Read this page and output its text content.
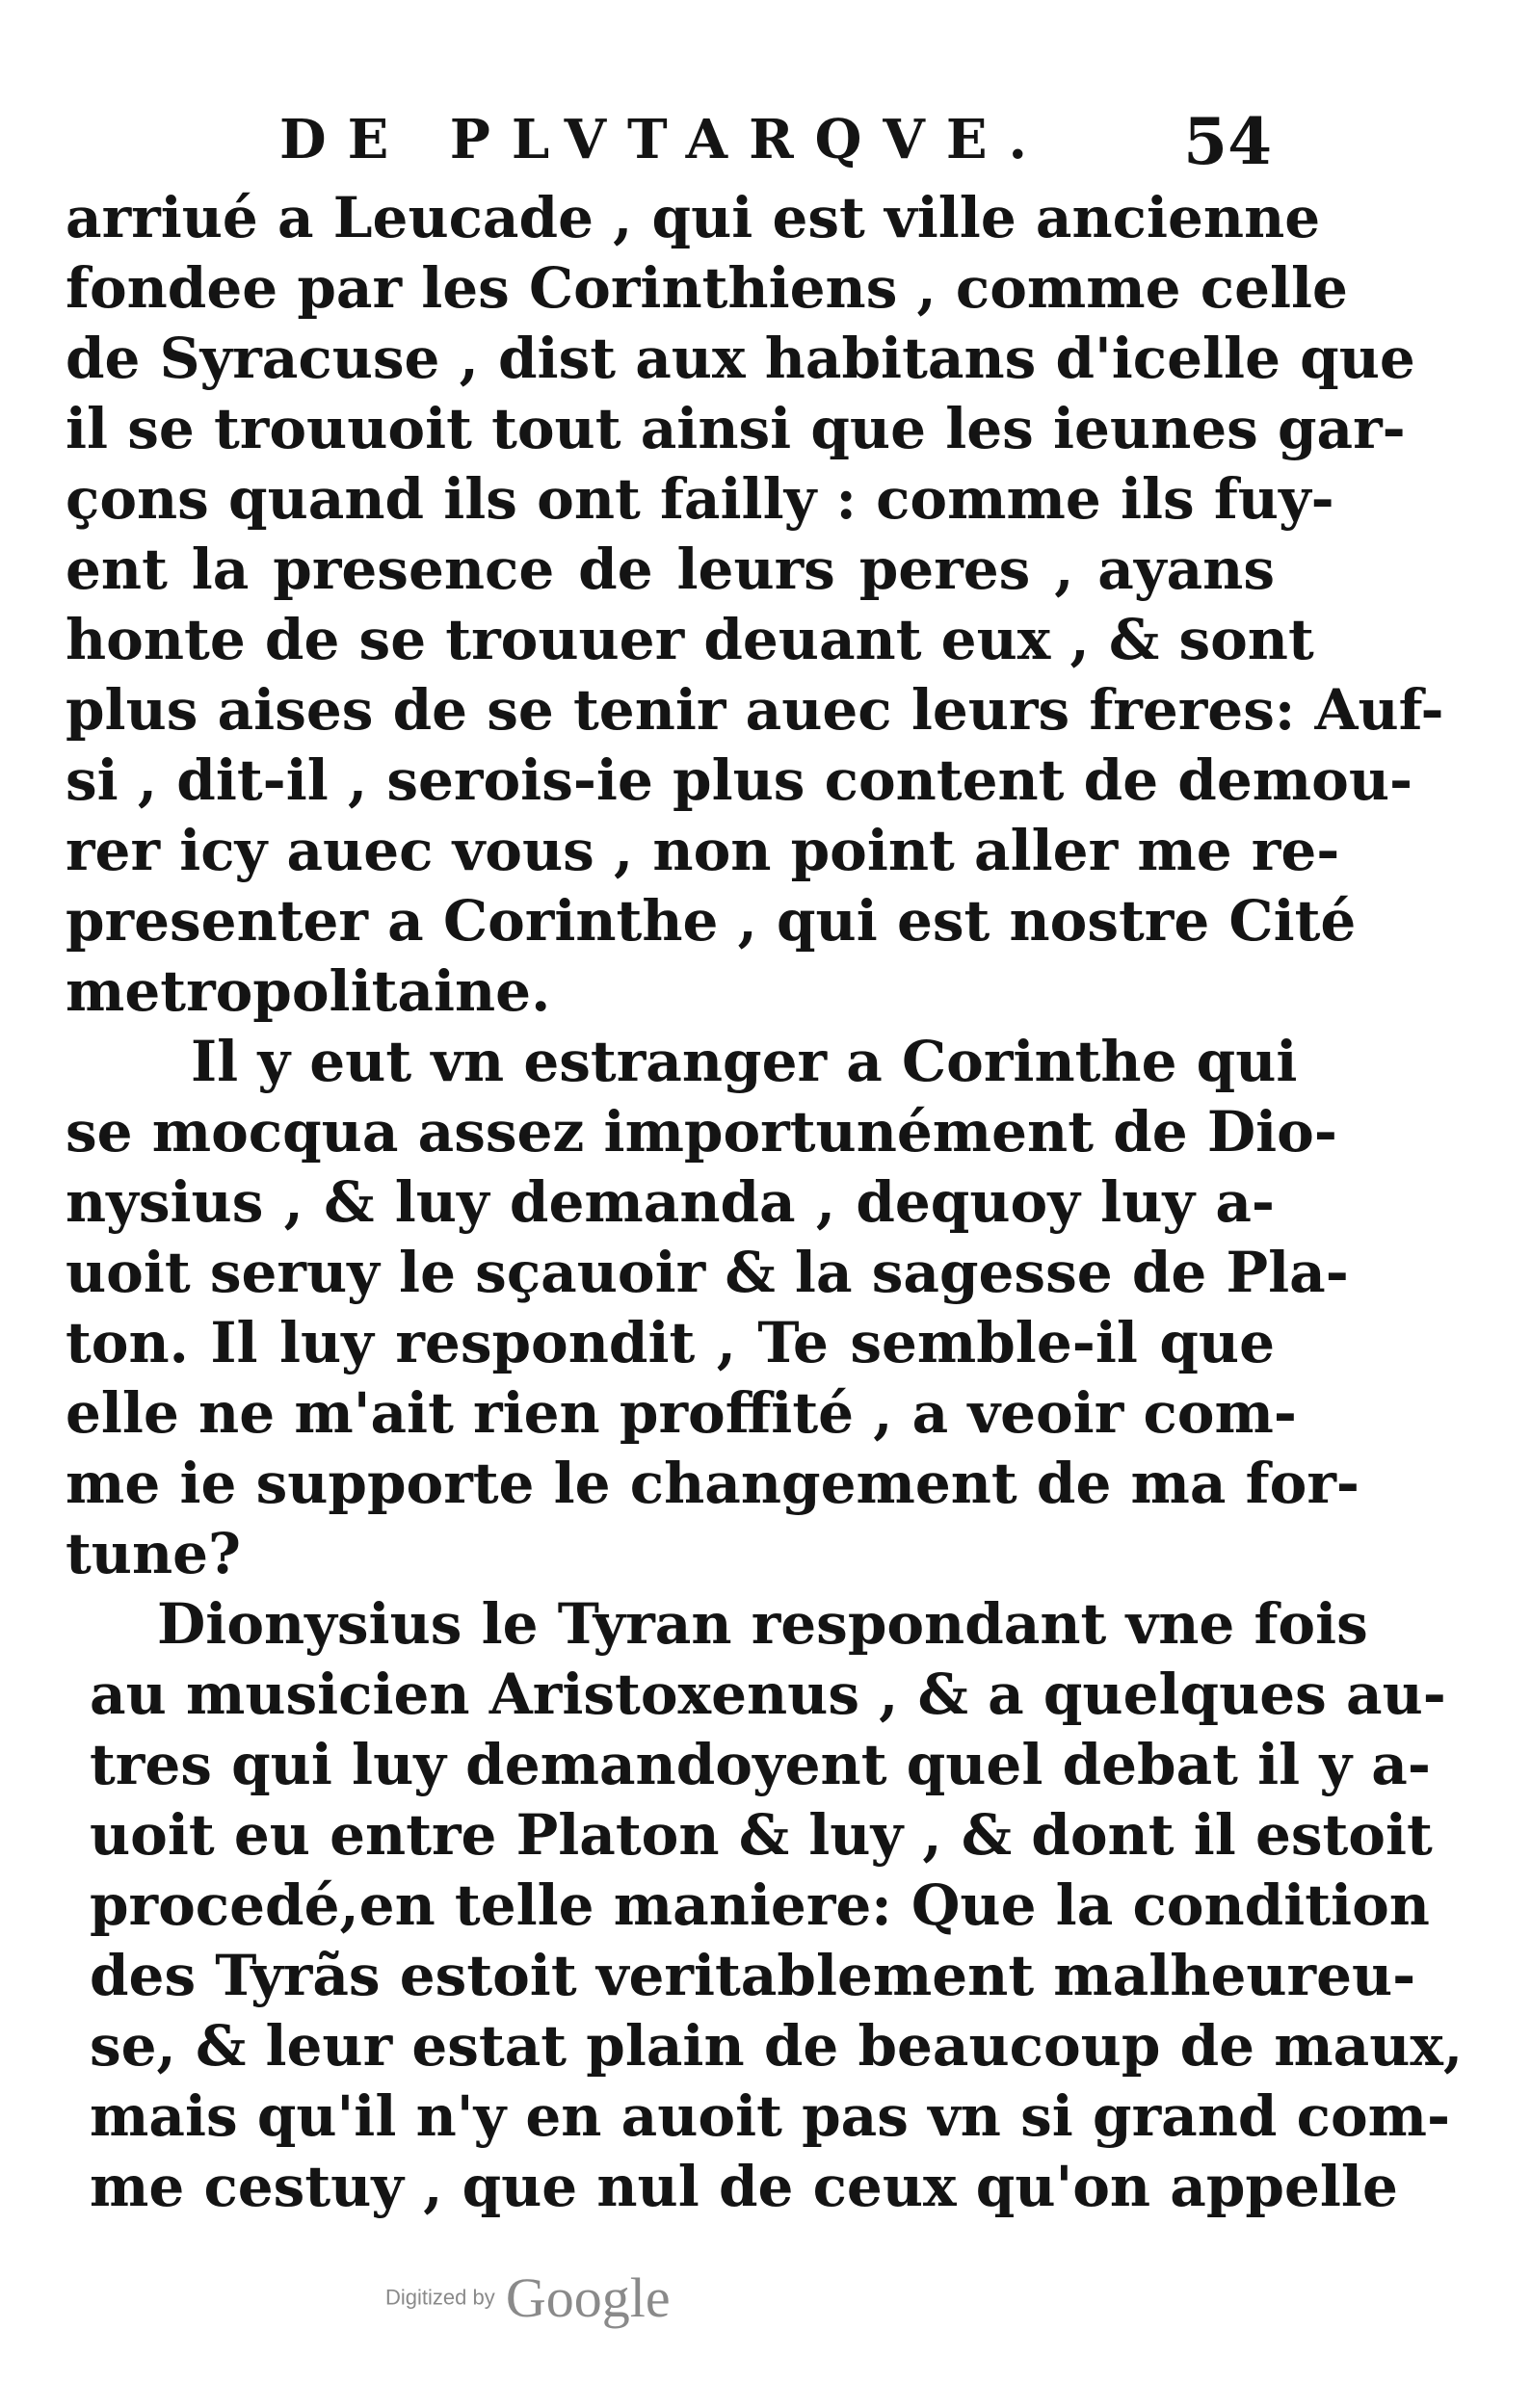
DE PLVTARQVE. 54
arriué a Leucade , qui est ville ancienne
fondee par les Corinthiens , comme celle
de Syracuse , dist aux habitans d'icelle que
il se trouuoit tout ainsi que les ieunes gar-
çons quand ils ont failly : comme ils fuy-
ent la presence de leurs peres , ayans
honte de se trouuer deuant eux , & sont
plus aises de se tenir auec leurs freres: Auf-
si , dit-il , serois-ie plus content de demou-
rer icy auec vous , non point aller me re-
presenter a Corinthe , qui est nostre Cité
metropolitaine.
Il y eut vn estranger a Corinthe qui
se mocqua assez importunément de Dio-
nysius , & luy demanda , dequoy luy a-
uoit seruy le sçauoir & la sagesse de Pla-
ton. Il luy respondit , Te semble-il que
elle ne m'ait rien proffité , a veoir com-
me ie supporte le changement de ma for-
tune?
Dionysius le Tyran respondant vne fois
au musicien Aristoxenus , & a quelques au-
tres qui luy demandoyent quel debat il y a-
uoit eu entre Platon & luy , & dont il estoit
procedé,en telle maniere: Que la condition
des Tyrãs estoit veritablement malheureu-
se, & leur estat plain de beaucoup de maux,
mais qu'il n'y en auoit pas vn si grand com-
me cestuy , que nul de ceux qu'on appelle
Digitized by Google
